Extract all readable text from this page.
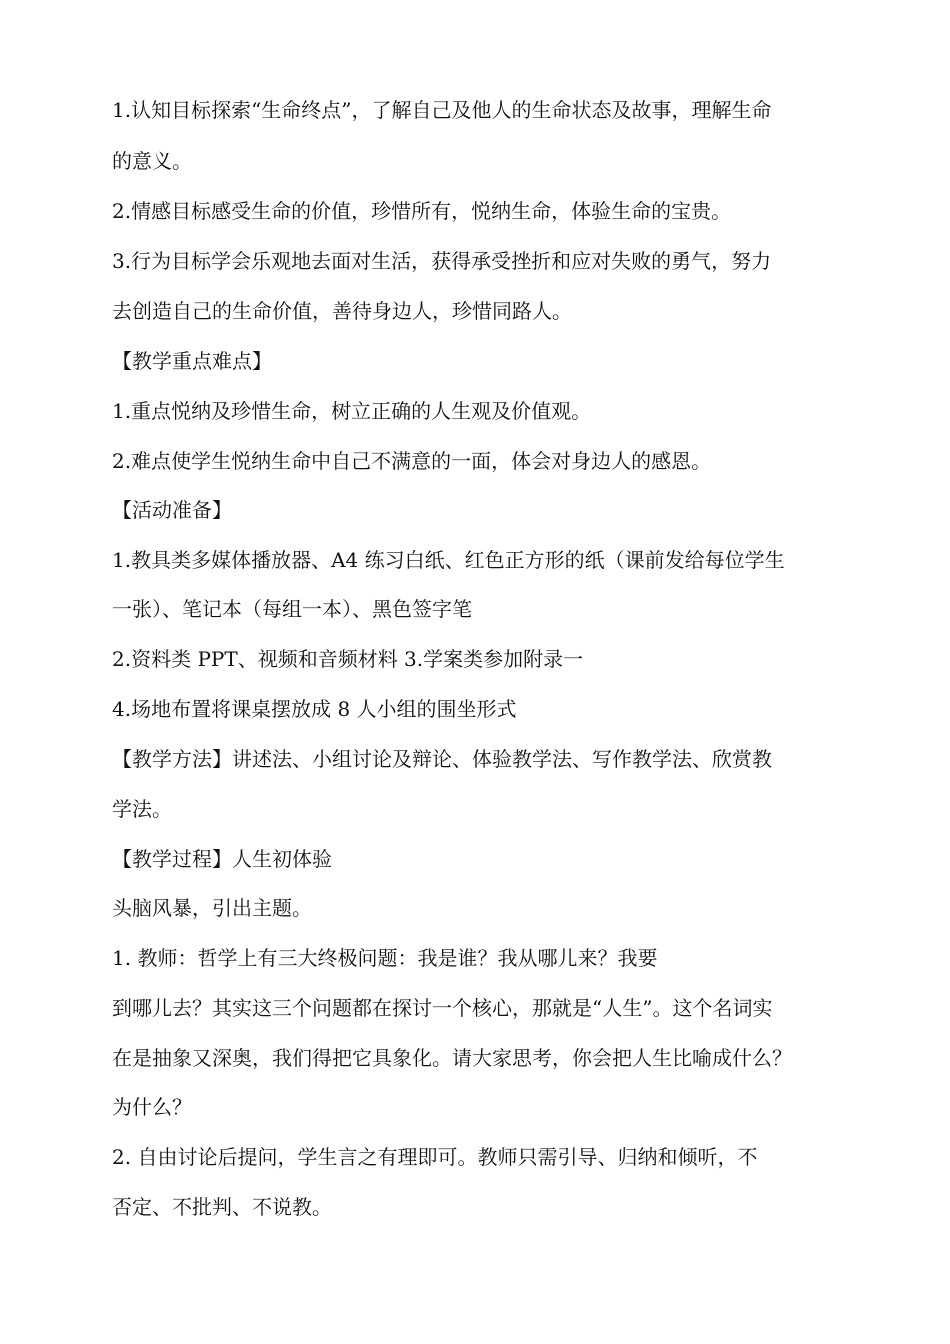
1.认知目标探索“生命终点”，了解自己及他人的生命状态及故事，理解生命
的意义。
2.情感目标感受生命的价值，珍惜所有，悦纳生命，体验生命的宝贵。
3.行为目标学会乐观地去面对生活，获得承受挫折和应对失败的勇气，努力
去创造自己的生命价值，善待身边人，珍惜同路人。
【教学重点难点】
1.重点悦纳及珍惜生命，树立正确的人生观及价值观。
2.难点使学生悦纳生命中自己不满意的一面，体会对身边人的感恩。
【活动准备】
1.教具类多媒体播放器、A4 练习白纸、红色正方形的纸（课前发给每位学生
一张）、笔记本（每组一本）、黑色签字笔
2.资料类 PPT、视频和音频材料 3.学案类参加附录一
4.场地布置将课桌摆放成 8 人小组的围坐形式
【教学方法】讲述法、小组讨论及辩论、体验教学法、写作教学法、欣赏教
学法。
【教学过程】人生初体验
头脑风暴，引出主题。
1. 教师：哲学上有三大终极问题：我是谁？我从哪儿来？我要
到哪儿去？其实这三个问题都在探讨一个核心，那就是“人生”。这个名词实
在是抽象又深奥，我们得把它具象化。请大家思考，你会把人生比喻成什么？
为什么？
2. 自由讨论后提问，学生言之有理即可。教师只需引导、归纳和倾听，不
否定、不批判、不说教。
